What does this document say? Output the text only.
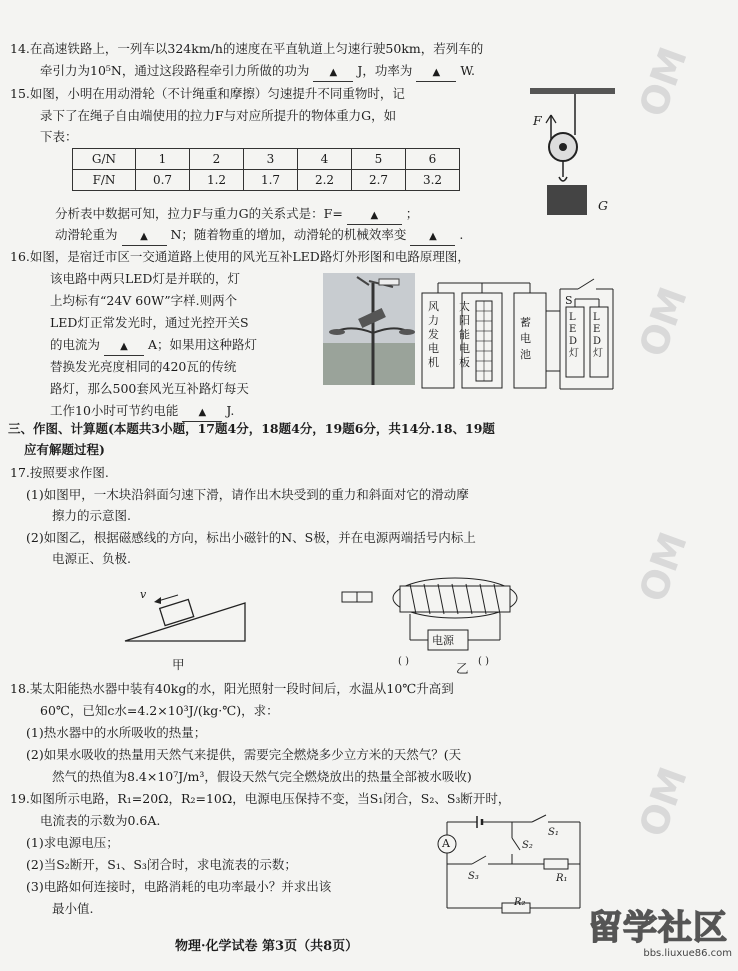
OM
OM
OM
OM
14.在高速铁路上，一列车以324km/h的速度在平直轨道上匀速行驶50km，若列车的
牵引力为10⁵N，通过这段路程牵引力所做的功为 ▲ J，功率为 ▲ W.
15.如图，小明在用动滑轮（不计绳重和摩擦）匀速提升不同重物时，记
录下了在绳子自由端使用的拉力F与对应所提升的物体重力G，如
下表：
G/N	1	2	3	4	5	6
F/N	0.7	1.2	1.7	2.2	2.7	3.2
分析表中数据可知，拉力F与重力G的关系式是：F=	▲ ；
动滑轮重为 ▲ N；随着物重的增加，动滑轮的机械效率变 ▲ .
F
G
16.如图，是宿迁市区一交通道路上使用的风光互补LED路灯外形图和电路原理图，
该电路中两只LED灯是并联的，灯
上均标有“24V 60W”字样.则两个
LED灯正常发光时，通过光控开关S
的电流为 ▲ A；如果用这种路灯
替换发光亮度相同的420瓦的传统
路灯，那么500套风光互补路灯每天
工作10小时可节约电能 ▲ J.
风
力
发
电
机
太
阳
能
电
板
蓄
电
池
L
E
D
灯
L
E
D
灯
S
三、作图、计算题(本题共3小题，17题4分，18题4分，19题6分，共14分.18、19题
应有解题过程)
17.按照要求作图.
(1)如图甲，一木块沿斜面匀速下滑，请作出木块受到的重力和斜面对它的滑动摩
擦力的示意图.
(2)如图乙，根据磁感线的方向，标出小磁针的N、S极，并在电源两端括号内标上
电源正、负极.
v
甲
电源
( )	( )
乙
18.某太阳能热水器中装有40kg的水，阳光照射一段时间后，水温从10℃升高到
60℃，已知c水=4.2×10³J/(kg·℃)，求：
(1)热水器中的水所吸收的热量；
(2)如果水吸收的热量用天然气来提供，需要完全燃烧多少立方米的天然气？(天
然气的热值为8.4×10⁷J/m³，假设天然气完全燃烧放出的热量全部被水吸收)
19.如图所示电路，R₁=20Ω，R₂=10Ω，电源电压保持不变，当S₁闭合，S₂、S₃断开时，
电流表的示数为0.6A.
(1)求电源电压；
(2)当S₂断开，S₁、S₃闭合时，求电流表的示数；
(3)电路如何连接时，电路消耗的电功率最小？并求出该
最小值.
A
S₁
S₂
S₃	R₁
R₂
物理·化学试卷 第3页（共8页）	留学社区
bbs.liuxue86.com
